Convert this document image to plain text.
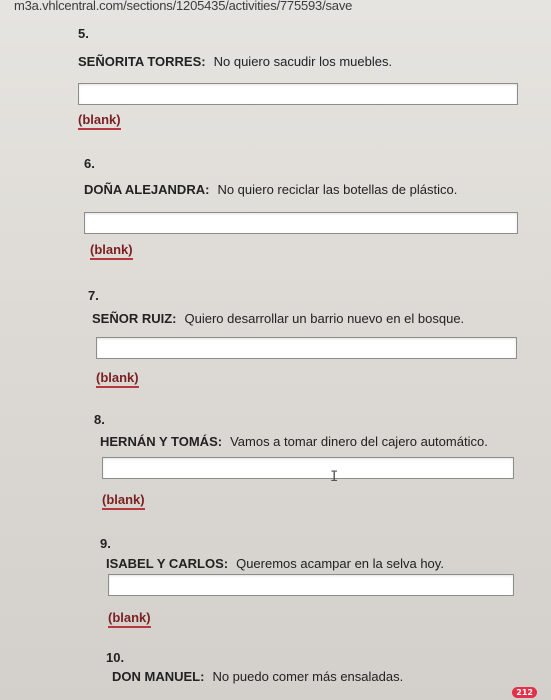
m3a.vhlcentral.com/sections/1205435/activities/775593/save
5.
SEÑORITA TORRES: No quiero sacudir los muebles.
(blank)
6.
DOÑA ALEJANDRA: No quiero reciclar las botellas de plástico.
(blank)
7.
SEÑOR RUIZ: Quiero desarrollar un barrio nuevo en el bosque.
(blank)
8.
HERNÁN Y TOMÁS: Vamos a tomar dinero del cajero automático.
I
(blank)
9.
ISABEL Y CARLOS: Queremos acampar en la selva hoy.
(blank)
10.
DON MANUEL: No puedo comer más ensaladas.
212
